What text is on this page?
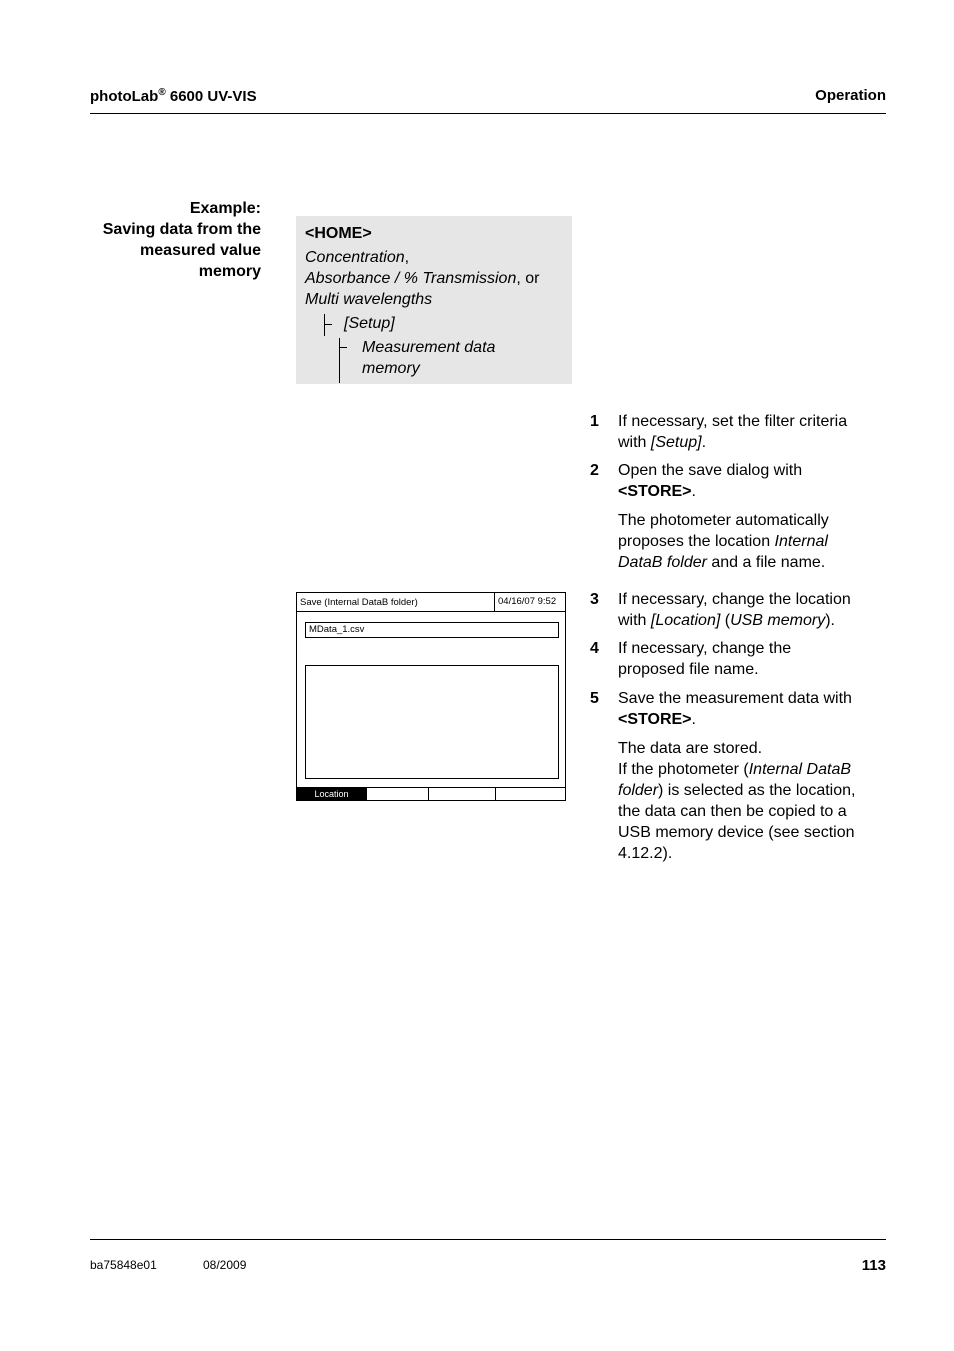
photoLab® 6600 UV-VIS	Operation
Example:
Saving data from the
measured value
memory
<HOME>
Concentration,
Absorbance / % Transmission, or
Multi wavelengths
[Setup]
Measurement data
memory
1 If necessary, set the filter criteria
with [Setup].
2 Open the save dialog with
<STORE>.
The photometer automatically
proposes the location Internal
DataB folder and a file name.
3 If necessary, change the location
with [Location] (USB memory).
4 If necessary, change the
proposed file name.
5 Save the measurement data with
<STORE>.
The data are stored.
If the photometer (Internal DataB
folder) is selected as the location,
the data can then be copied to a
USB memory device (see section
4.12.2).
Save (Internal DataB folder)	04/16/07 9:52
MData_1.csv
Location
ba75848e01	08/2009	113
